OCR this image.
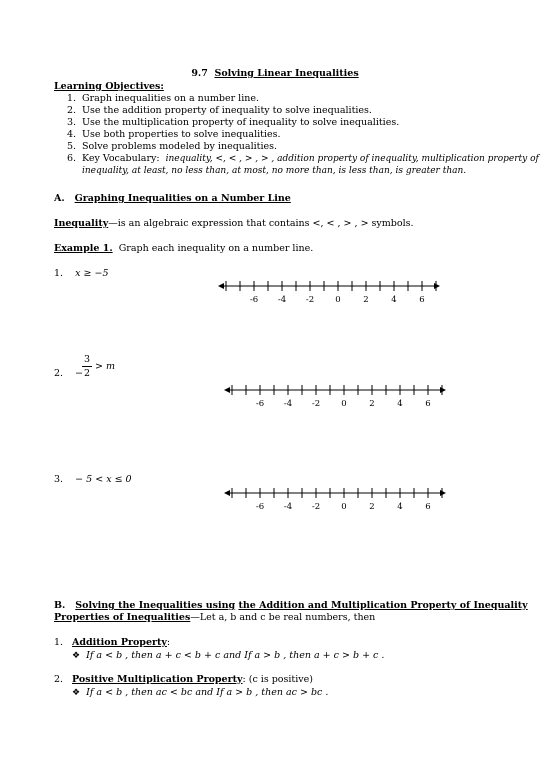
9.7 Solving Linear Inequalities
Learning Objectives:
1. Graph inequalities on a number line.
2. Use the addition property of inequality to solve inequalities.
3. Use the multiplication property of inequality to solve inequalities.
4. Use both properties to solve inequalities.
5. Solve problems modeled by inequalities.
6. Key Vocabulary: inequality, <, < , > , > , addition property of inequality, multiplication property of
inequality, at least, no less than, at most, no more than, is less than, is greater than.
A. Graphing Inequalities on a Number Line
Inequality—is an algebraic expression that contains <, < , > , > symbols.
Example 1. Graph each inequality on a number line.
1. x ≥ −5
2. −
3
2
> m
3. − 5 < x ≤ 0
-6 -4 -2 0	2	4	6
-6 -4 -2 0	2	4	6
-6 -4 -2 0	2	4	6
B. Solving the Inequalities using the Addition and Multiplication Property of Inequality
Properties of Inequalities—Let a, b and c be real numbers, then
1. Addition Property:
❖ If a < b , then a + c < b + c and If a > b , then a + c > b + c .
2. Positive Multiplication Property: (c is positive)
❖ If a < b , then ac < bc and If a > b , then ac > bc .
